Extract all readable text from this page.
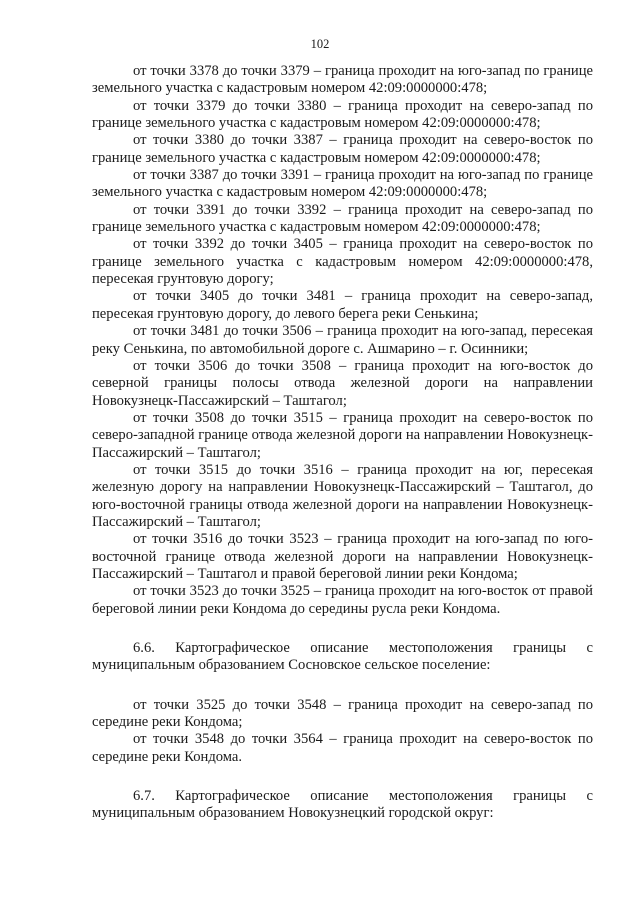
102

от точки 3378 до точки 3379 – граница проходит на юго-запад по границе земельного участка с кадастровым номером 42:09:0000000:478;

от точки 3379 до точки 3380 – граница проходит на северо-запад по границе земельного участка с кадастровым номером 42:09:0000000:478;

от точки 3380 до точки 3387 – граница проходит на северо-восток по границе земельного участка с кадастровым номером 42:09:0000000:478;

от точки 3387 до точки 3391 – граница проходит на юго-запад по границе земельного участка с кадастровым номером 42:09:0000000:478;

от точки 3391 до точки 3392 – граница проходит на северо-запад по границе земельного участка с кадастровым номером 42:09:0000000:478;

от точки 3392 до точки 3405 – граница проходит на северо-восток по границе земельного участка с кадастровым номером 42:09:0000000:478, пересекая грунтовую дорогу;

от точки 3405 до точки 3481 – граница проходит на северо-запад, пересекая грунтовую дорогу, до левого берега реки Сенькина;

от точки 3481 до точки 3506 – граница проходит на юго-запад, пересекая реку Сенькина, по автомобильной дороге с. Ашмарино – г. Осинники;

от точки 3506 до точки 3508 – граница проходит на юго-восток до северной границы полосы отвода железной дороги на направлении Новокузнецк-Пассажирский – Таштагол;

от точки 3508 до точки 3515 – граница проходит на северо-восток по северо-западной границе отвода железной дороги на направлении Новокузнецк-Пассажирский – Таштагол;

от точки 3515 до точки 3516 – граница проходит на юг, пересекая железную дорогу на направлении Новокузнецк-Пассажирский – Таштагол, до юго-восточной границы отвода железной дороги на направлении Новокузнецк-Пассажирский – Таштагол;

от точки 3516 до точки 3523 – граница проходит на юго-запад по юго-восточной границе отвода железной дороги на направлении Новокузнецк-Пассажирский – Таштагол и правой береговой линии реки Кондома;

от точки 3523 до точки 3525 – граница проходит на юго-восток от правой береговой линии реки Кондома до середины русла реки Кондома.

6.6. Картографическое описание местоположения границы с муниципальным образованием Сосновское сельское поселение:

от точки 3525 до точки 3548 – граница проходит на северо-запад по середине реки Кондома;

от точки 3548 до точки 3564 – граница проходит на северо-восток по середине реки Кондома.

6.7. Картографическое описание местоположения границы с муниципальным образованием Новокузнецкий городской округ:
